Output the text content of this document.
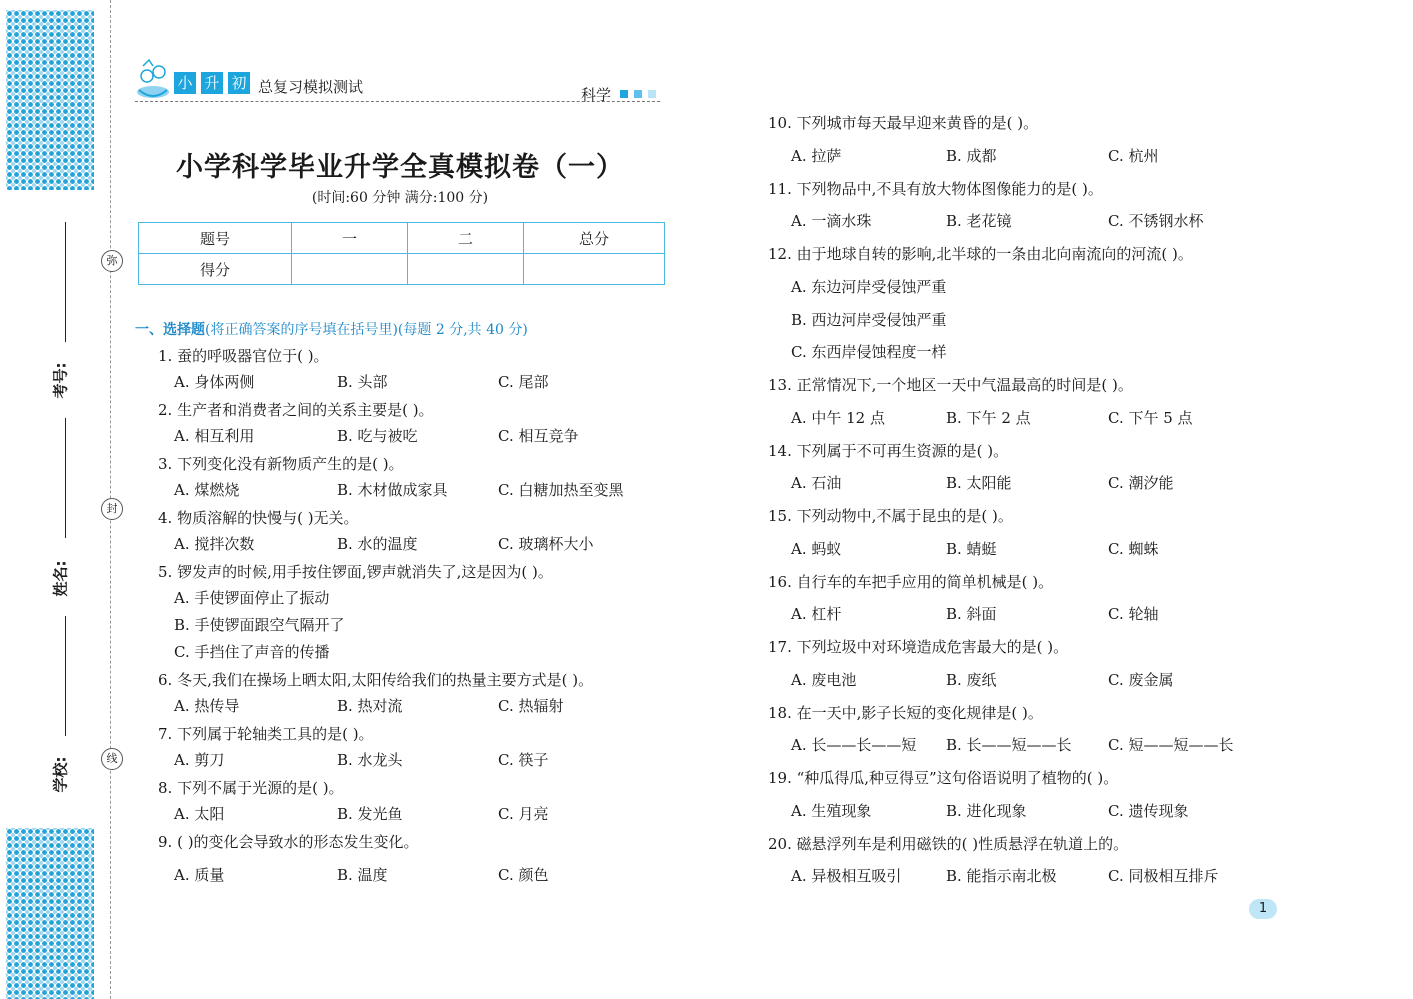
弥
封
线
考号:
姓名:
学校:
小 升 初 总复习模拟测试	科学
小学科学毕业升学全真模拟卷（一）
(时间:60 分钟 满分:100 分)
题号	一	二	总分
得分			
一、选择题(将正确答案的序号填在括号里)(每题 2 分,共 40 分)
1. 蚕的呼吸器官位于( )。
A. 身体两侧	B. 头部	C. 尾部
2. 生产者和消费者之间的关系主要是( )。
A. 相互利用	B. 吃与被吃	C. 相互竞争
3. 下列变化没有新物质产生的是( )。
A. 煤燃烧	B. 木材做成家具	C. 白糖加热至变黑
4. 物质溶解的快慢与( )无关。
A. 搅拌次数	B. 水的温度	C. 玻璃杯大小
5. 锣发声的时候,用手按住锣面,锣声就消失了,这是因为( )。
A. 手使锣面停止了振动
B. 手使锣面跟空气隔开了
C. 手挡住了声音的传播
6. 冬天,我们在操场上晒太阳,太阳传给我们的热量主要方式是( )。
A. 热传导	B. 热对流	C. 热辐射
7. 下列属于轮轴类工具的是( )。
A. 剪刀	B. 水龙头	C. 筷子
8. 下列不属于光源的是( )。
A. 太阳	B. 发光鱼	C. 月亮
9. ( )的变化会导致水的形态发生变化。
A. 质量	B. 温度	C. 颜色
10. 下列城市每天最早迎来黄昏的是( )。
A. 拉萨	B. 成都	C. 杭州
11. 下列物品中,不具有放大物体图像能力的是( )。
A. 一滴水珠	B. 老花镜	C. 不锈钢水杯
12. 由于地球自转的影响,北半球的一条由北向南流向的河流( )。
A. 东边河岸受侵蚀严重
B. 西边河岸受侵蚀严重
C. 东西岸侵蚀程度一样
13. 正常情况下,一个地区一天中气温最高的时间是( )。
A. 中午 12 点	B. 下午 2 点	C. 下午 5 点
14. 下列属于不可再生资源的是( )。
A. 石油	B. 太阳能	C. 潮汐能
15. 下列动物中,不属于昆虫的是( )。
A. 蚂蚁	B. 蜻蜓	C. 蜘蛛
16. 自行车的车把手应用的简单机械是( )。
A. 杠杆	B. 斜面	C. 轮轴
17. 下列垃圾中对环境造成危害最大的是( )。
A. 废电池	B. 废纸	C. 废金属
18. 在一天中,影子长短的变化规律是( )。
A. 长——长——短 B. 长——短——长 C. 短——短——长
19. “种瓜得瓜,种豆得豆”这句俗语说明了植物的( )。
A. 生殖现象	B. 进化现象	C. 遗传现象
20. 磁悬浮列车是利用磁铁的( )性质悬浮在轨道上的。
A. 异极相互吸引	B. 能指示南北极	C. 同极相互排斥
1
